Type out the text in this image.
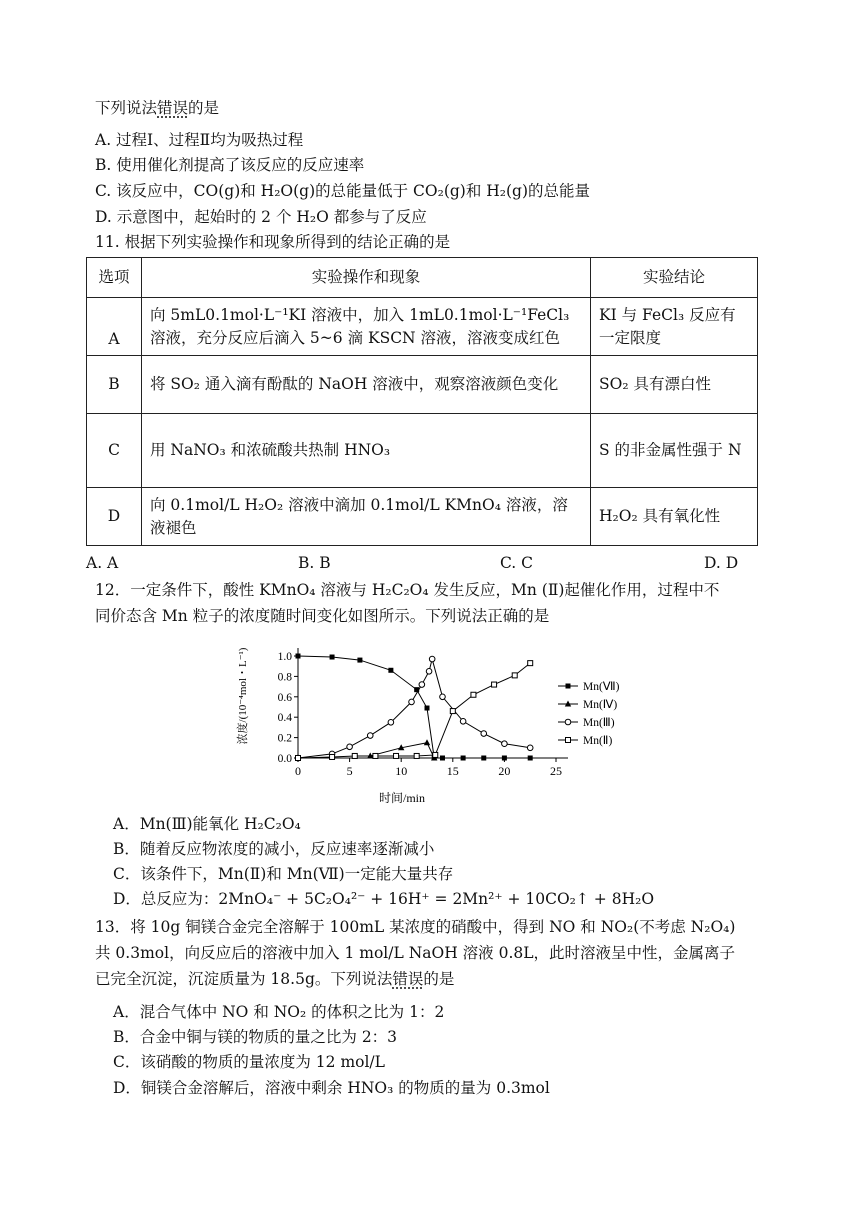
下列说法错误的是
A. 过程Ⅰ、过程Ⅱ均为吸热过程
B. 使用催化剂提高了该反应的反应速率
C. 该反应中，CO(g)和 H₂O(g)的总能量低于 CO₂(g)和 H₂(g)的总能量
D. 示意图中，起始时的 2 个 H₂O 都参与了反应
11. 根据下列实验操作和现象所得到的结论正确的是
选项	实验操作和现象	实验结论
A	向 5mL0.1mol·L⁻¹KI 溶液中，加入 1mL0.1mol·L⁻¹FeCl₃ 溶液，充分反应后滴入 5~6 滴 KSCN 溶液，溶液变成红色	KI 与 FeCl₃ 反应有一定限度
B	将 SO₂ 通入滴有酚酞的 NaOH 溶液中，观察溶液颜色变化	SO₂ 具有漂白性
C	用 NaNO₃ 和浓硫酸共热制 HNO₃	S 的非金属性强于 N
D	向 0.1mol/L H₂O₂ 溶液中滴加 0.1mol/L KMnO₄ 溶液，溶液褪色	H₂O₂ 具有氧化性
A. A	B. B	C. C	D. D
12．一定条件下，酸性 KMnO₄ 溶液与 H₂C₂O₄ 发生反应，Mn (Ⅱ)起催化作用，过程中不
同价态含 Mn 粒子的浓度随时间变化如图所示。下列说法正确的是
浓度/(10⁻⁴mol・L⁻¹)
时间/min
0	5	10	15	20	25
0.0
0.2
0.4
0.6
0.8
1.0
Mn(Ⅶ)
Mn(Ⅳ)
Mn(Ⅲ)
Mn(Ⅱ)
A．Mn(Ⅲ)能氧化 H₂C₂O₄
B．随着反应物浓度的减小，反应速率逐渐减小
C．该条件下，Mn(Ⅱ)和 Mn(Ⅶ)一定能大量共存
D．总反应为：2MnO₄⁻ + 5C₂O₄²⁻ + 16H⁺ = 2Mn²⁺ + 10CO₂↑ + 8H₂O
13．将 10g 铜镁合金完全溶解于 100mL 某浓度的硝酸中，得到 NO 和 NO₂(不考虑 N₂O₄)
共 0.3mol，向反应后的溶液中加入 1 mol/L NaOH 溶液 0.8L，此时溶液呈中性，金属离子
已完全沉淀，沉淀质量为 18.5g。下列说法错误的是
A．混合气体中 NO 和 NO₂ 的体积之比为 1：2
B．合金中铜与镁的物质的量之比为 2：3
C．该硝酸的物质的量浓度为 12 mol/L
D．铜镁合金溶解后，溶液中剩余 HNO₃ 的物质的量为 0.3mol
